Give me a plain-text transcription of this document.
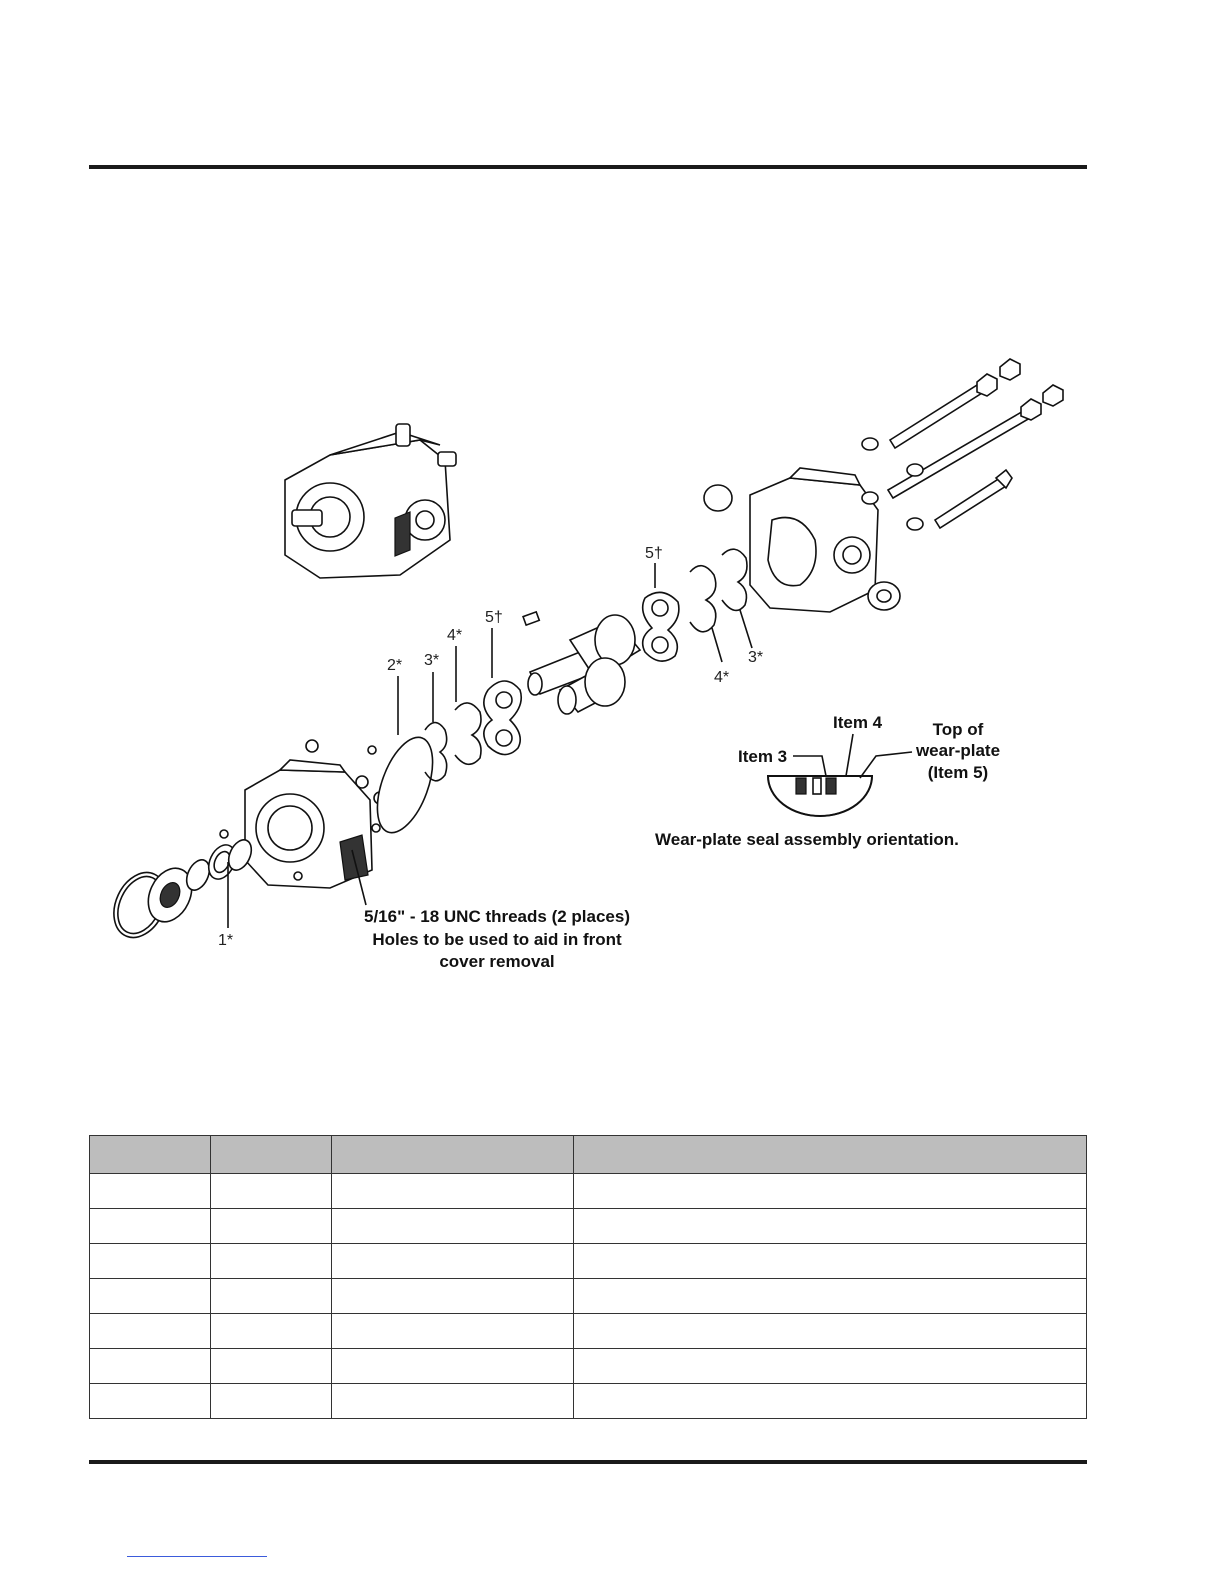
1*
2* 3*
4*
5†
5†
4*
3*
5/16" - 18 UNC threads (2 places)
Holes to be used to aid in front
cover removal
Item 3
Item 4	Top of
wear-plate
(Item 5)
Wear-plate seal assembly orientation.
